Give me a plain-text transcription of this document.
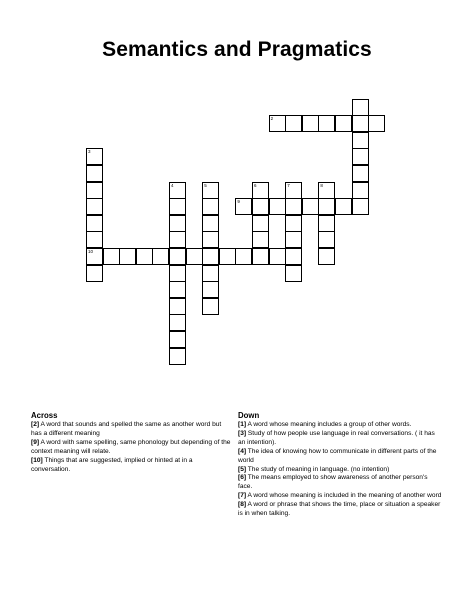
Semantics and Pragmatics
2
3
4	5	6	7	8
9
10
Across
[2] A word that sounds and spelled the same as another word but has a different meaning
[9] A word with same spelling, same phonology but depending of the context meaning will relate.
[10] Things that are suggested, implied or hinted at in a conversation.
Down
[1] A word whose meaning includes a group of other words.
[3] Study of how people use language in real conversations. ( it has an intention).
[4] The idea of knowing how to communicate in different parts of the world
[5] The study of meaning in language. (no intention)
[6] The means employed to show awareness of another person's face.
[7] A word whose meaning is included in the meaning of another word
[8] A word or phrase that shows the time, place or situation a speaker is in when talking.
